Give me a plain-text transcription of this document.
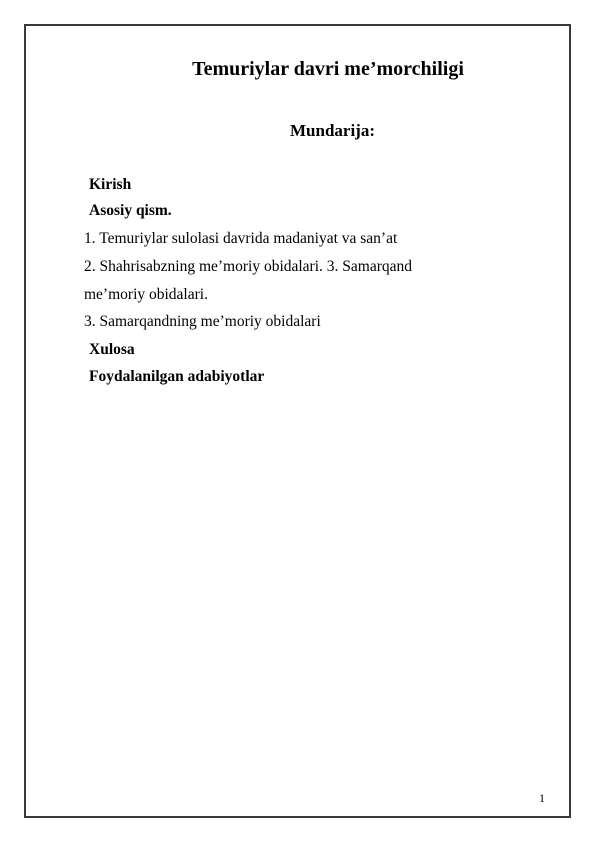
Temuriylar davri me’morchiligi
Mundarija:
Kirish
Asosiy qism.
1. Temuriylar sulolasi davrida madaniyat va san’at
2. Shahrisabzning me’moriy obidalari. 3. Samarqand
me’moriy obidalari.
3. Samarqandning me’moriy obidalari
Xulosa
Foydalanilgan adabiyotlar
1
